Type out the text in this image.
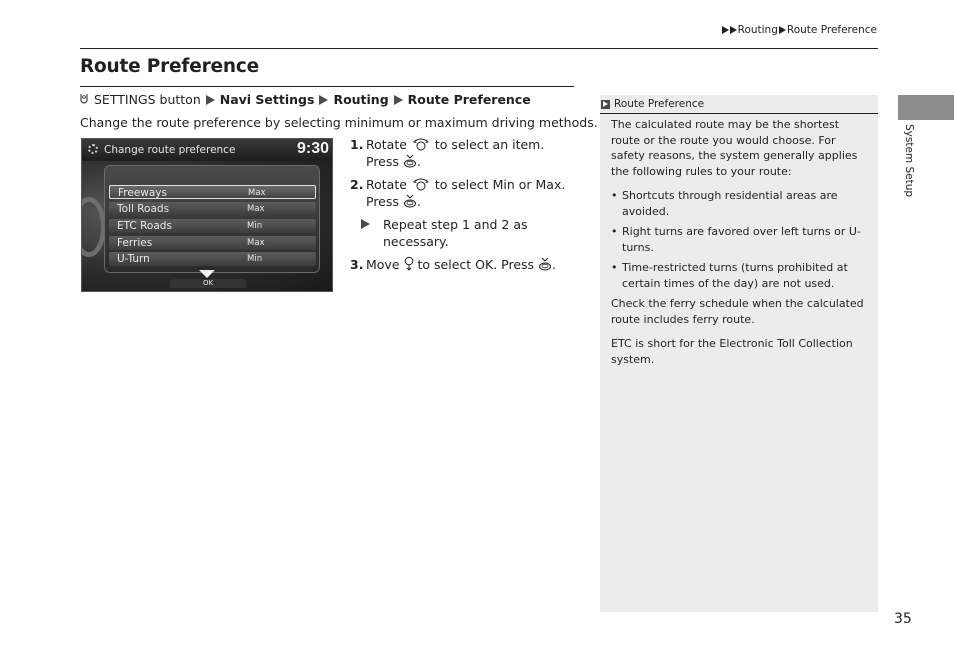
Routing Route Preference
Route Preference
SETTINGS button Navi Settings Routing Route Preference
Change the route preference by selecting minimum or maximum driving methods.
Change route preference	9:30
Freeways	Max
Toll Roads	Max
ETC Roads	Min
Ferries	Max
U-Turn	Min
OK
1. Rotate to select an item. Press .
2. Rotate to select Min or Max. Press .
Repeat step 1 and 2 as necessary.
3. Move to select OK. Press .
Route Preference

The calculated route may be the shortest route or the route you would choose. For safety reasons, the system generally applies the following rules to your route:

• Shortcuts through residential areas are avoided.
• Right turns are favored over left turns or U-turns.
• Time-restricted turns (turns prohibited at certain times of the day) are not used.

Check the ferry schedule when the calculated route includes ferry route.

ETC is short for the Electronic Toll Collection system.

System Setup
35
